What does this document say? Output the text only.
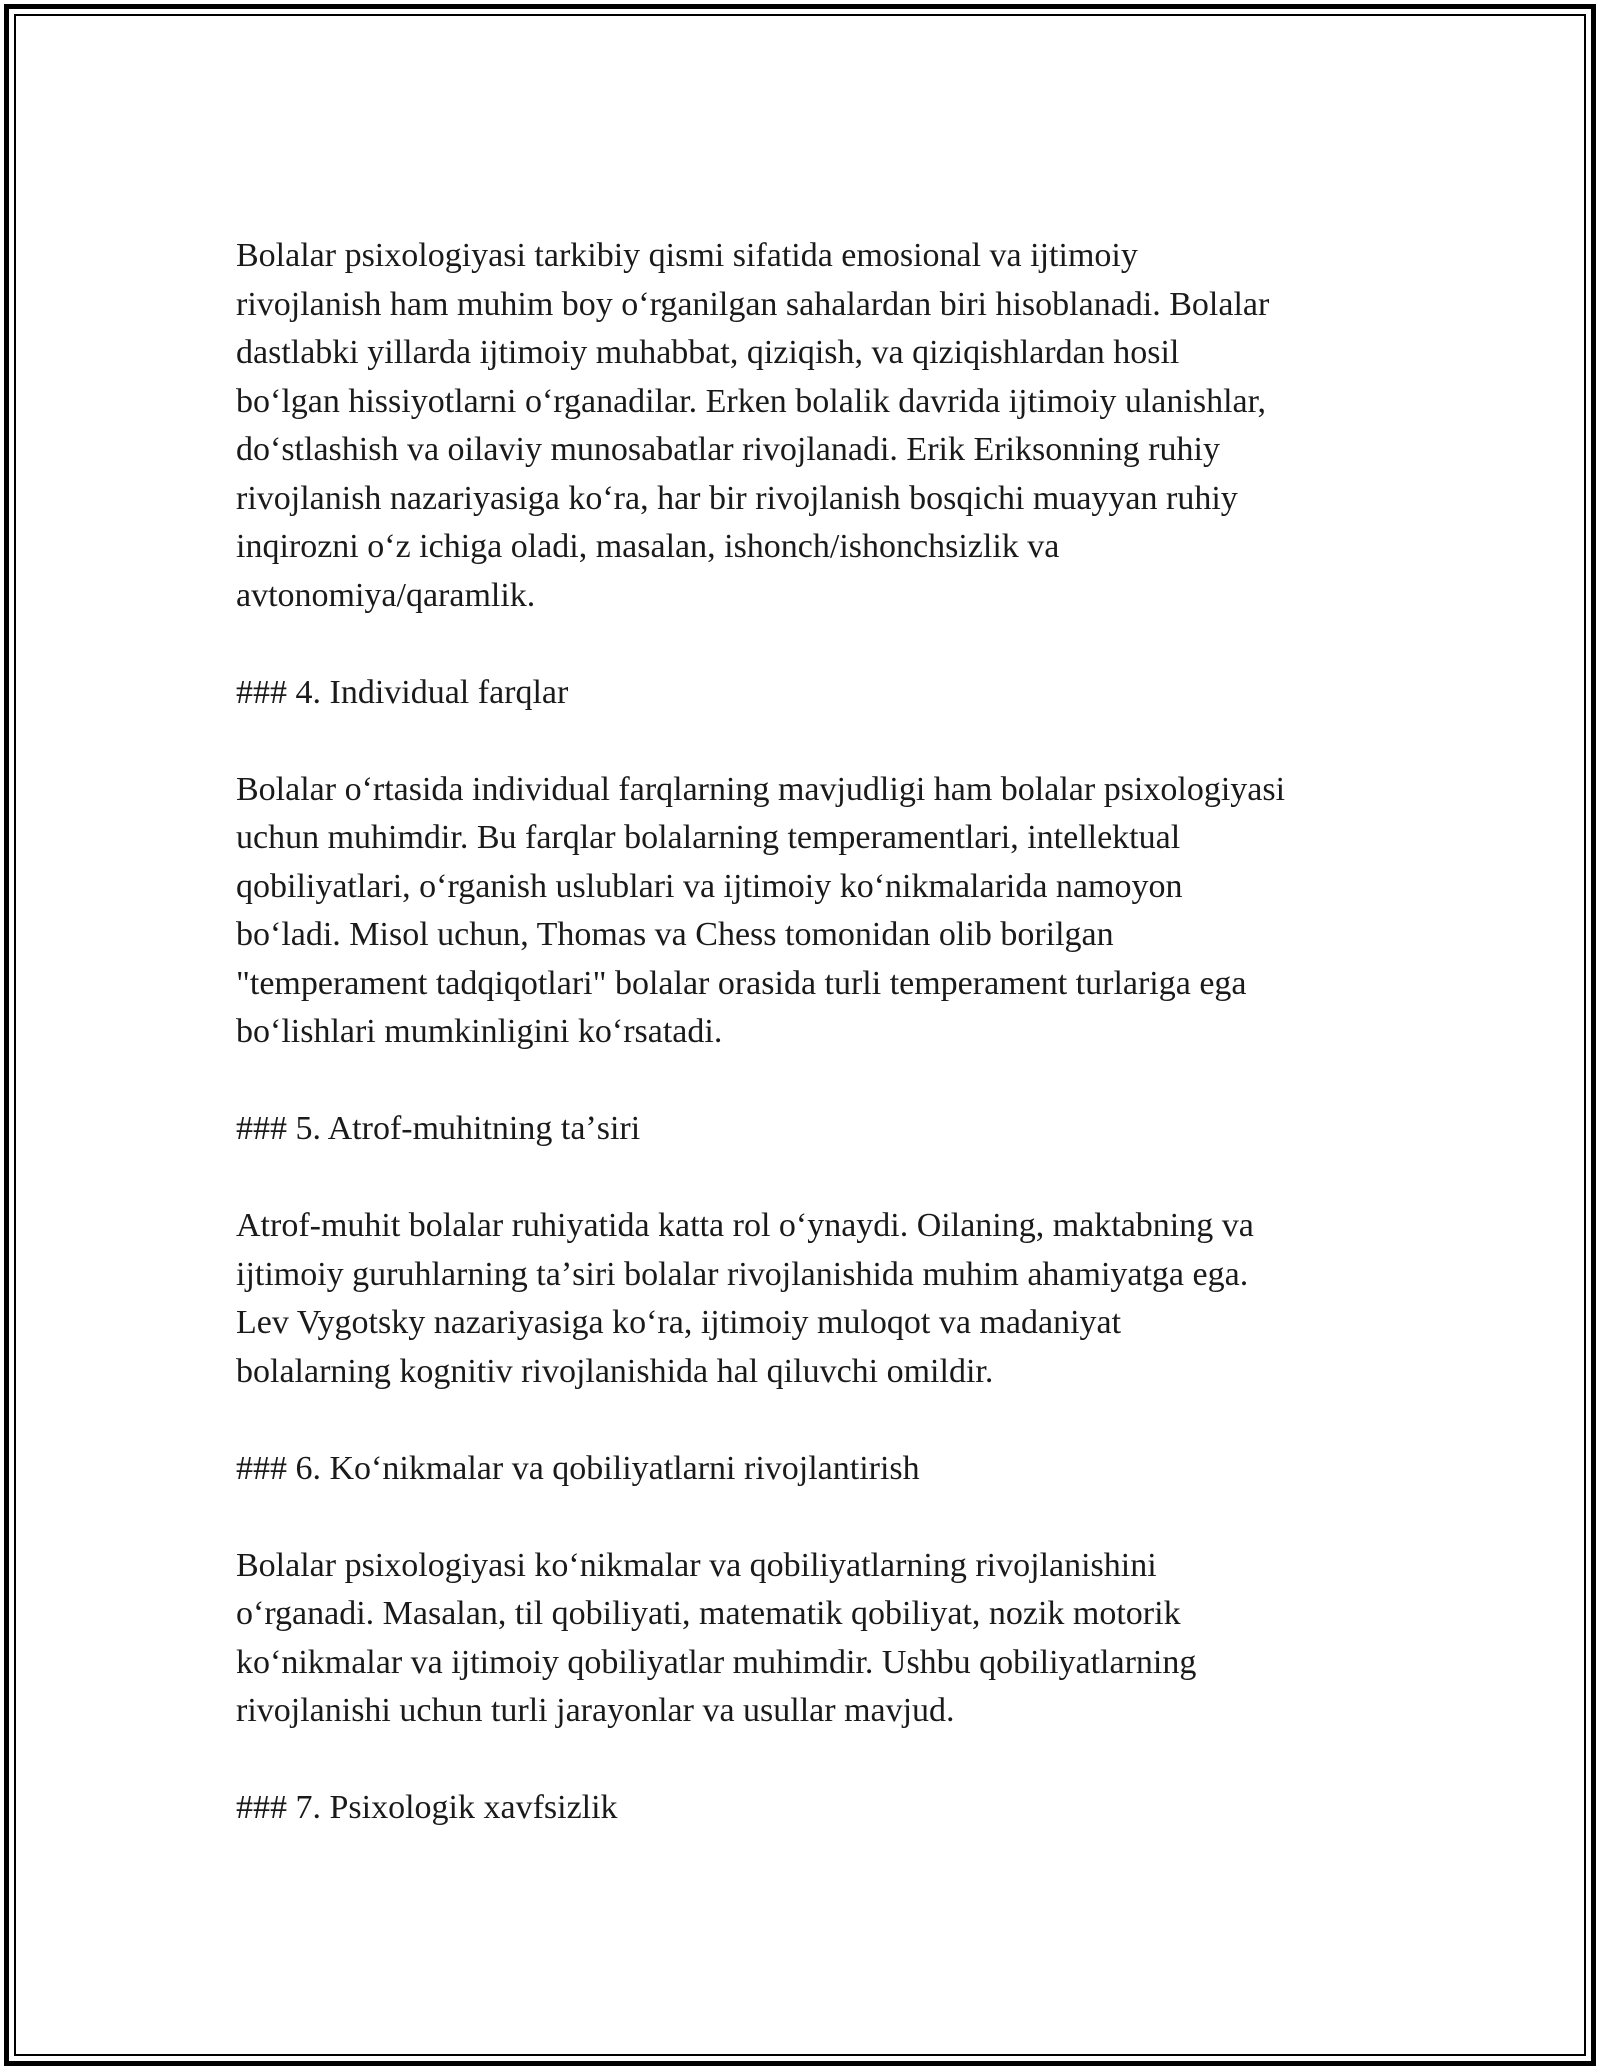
Bolalar psixologiyasi tarkibiy qismi sifatida emosional va ijtimoiy
rivojlanish ham muhim boy oʻrganilgan sahalardan biri hisoblanadi. Bolalar
dastlabki yillarda ijtimoiy muhabbat, qiziqish, va qiziqishlardan hosil
boʻlgan hissiyotlarni oʻrganadilar. Erken bolalik davrida ijtimoiy ulanishlar,
doʻstlashish va oilaviy munosabatlar rivojlanadi. Erik Eriksonning ruhiy
rivojlanish nazariyasiga koʻra, har bir rivojlanish bosqichi muayyan ruhiy
inqirozni oʻz ichiga oladi, masalan, ishonch/ishonchsizlik va
avtonomiya/qaramlik.

### 4. Individual farqlar

Bolalar oʻrtasida individual farqlarning mavjudligi ham bolalar psixologiyasi
uchun muhimdir. Bu farqlar bolalarning temperamentlari, intellektual
qobiliyatlari, oʻrganish uslublari va ijtimoiy koʻnikmalarida namoyon
boʻladi. Misol uchun, Thomas va Chess tomonidan olib borilgan
"temperament tadqiqotlari" bolalar orasida turli temperament turlariga ega
boʻlishlari mumkinligini koʻrsatadi.

### 5. Atrof-muhitning taʼsiri

Atrof-muhit bolalar ruhiyatida katta rol oʻynaydi. Oilaning, maktabning va
ijtimoiy guruhlarning taʼsiri bolalar rivojlanishida muhim ahamiyatga ega.
Lev Vygotsky nazariyasiga koʻra, ijtimoiy muloqot va madaniyat
bolalarning kognitiv rivojlanishida hal qiluvchi omildir.

### 6. Koʻnikmalar va qobiliyatlarni rivojlantirish

Bolalar psixologiyasi koʻnikmalar va qobiliyatlarning rivojlanishini
oʻrganadi. Masalan, til qobiliyati, matematik qobiliyat, nozik motorik
koʻnikmalar va ijtimoiy qobiliyatlar muhimdir. Ushbu qobiliyatlarning
rivojlanishi uchun turli jarayonlar va usullar mavjud.

### 7. Psixologik xavfsizlik
